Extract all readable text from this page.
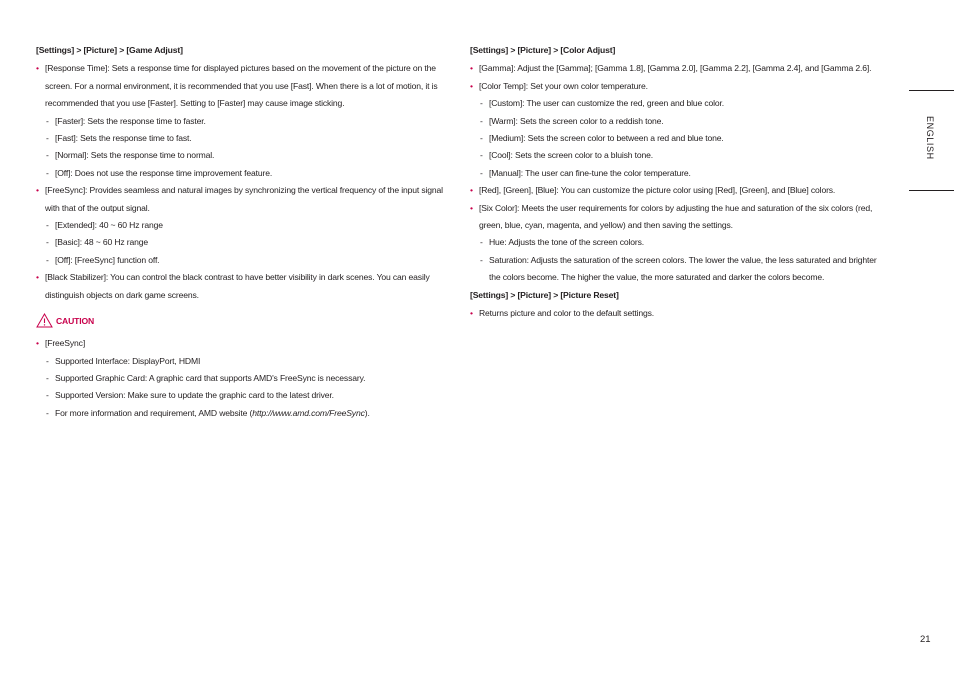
[Settings] > [Picture] > [Game Adjust]
• [Response Time]: Sets a response time for displayed pictures based on the movement of the picture on the screen. For a normal environment, it is recommended that you use [Fast]. When there is a lot of motion, it is recommended that you use [Faster]. Setting to [Faster] may cause image sticking.
- [Faster]: Sets the response time to faster.
- [Fast]: Sets the response time to fast.
- [Normal]: Sets the response time to normal.
- [Off]: Does not use the response time improvement feature.
• [FreeSync]: Provides seamless and natural images by synchronizing the vertical frequency of the input signal with that of the output signal.
- [Extended]: 40 ~ 60 Hz range
- [Basic]: 48 ~ 60 Hz range
- [Off]: [FreeSync] function off.
• [Black Stabilizer]: You can control the black contrast to have better visibility in dark scenes. You can easily distinguish objects on dark game screens.
CAUTION
• [FreeSync]
- Supported Interface: DisplayPort, HDMI
- Supported Graphic Card: A graphic card that supports AMD's FreeSync is necessary.
- Supported Version: Make sure to update the graphic card to the latest driver.
- For more information and requirement, AMD website (http://www.amd.com/FreeSync).
[Settings] > [Picture] > [Color Adjust]
• [Gamma]: Adjust the [Gamma]; [Gamma 1.8], [Gamma 2.0], [Gamma 2.2], [Gamma 2.4], and [Gamma 2.6].
• [Color Temp]: Set your own color temperature.
- [Custom]: The user can customize the red, green and blue color.
- [Warm]: Sets the screen color to a reddish tone.
- [Medium]: Sets the screen color to between a red and blue tone.
- [Cool]: Sets the screen color to a bluish tone.
- [Manual]: The user can fine-tune the color temperature.
• [Red], [Green], [Blue]: You can customize the picture color using [Red], [Green], and [Blue] colors.
• [Six Color]: Meets the user requirements for colors by adjusting the hue and saturation of the six colors (red, green, blue, cyan, magenta, and yellow) and then saving the settings.
- Hue: Adjusts the tone of the screen colors.
- Saturation: Adjusts the saturation of the screen colors. The lower the value, the less saturated and brighter the colors become. The higher the value, the more saturated and darker the colors become.
[Settings] > [Picture] > [Picture Reset]
• Returns picture and color to the default settings.
ENGLISH
21
